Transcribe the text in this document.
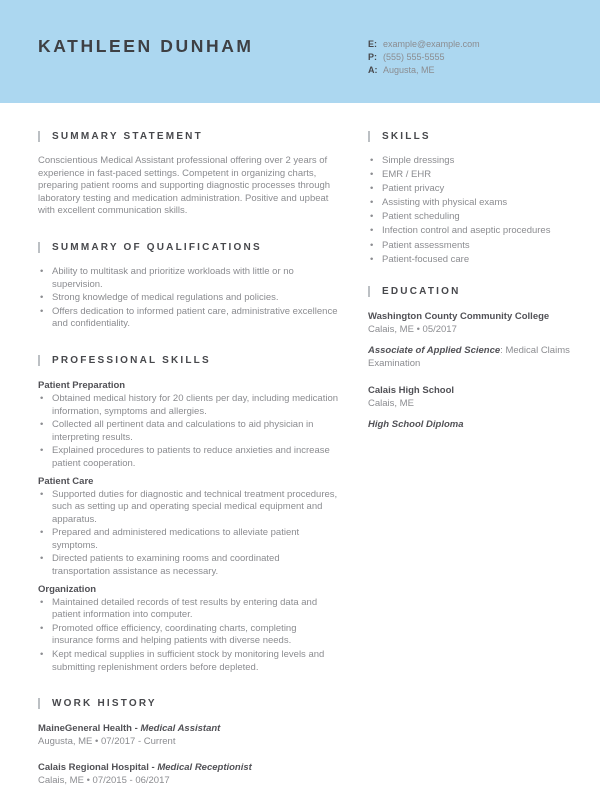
KATHLEEN DUNHAM	E: example@example.com
P: (555) 555-5555
A: Augusta, ME
SUMMARY STATEMENT

Conscientious Medical Assistant professional offering over 2 years of experience in fast-paced settings. Competent in organizing charts, preparing patient rooms and supporting diagnostic processes through laboratory testing and medication administration. Positive and upbeat with excellent communication skills.

SUMMARY OF QUALIFICATIONS
• Ability to multitask and prioritize workloads with little or no supervision.
• Strong knowledge of medical regulations and policies.
• Offers dedication to informed patient care, administrative excellence and confidentiality.
PROFESSIONAL SKILLS
Patient Preparation
• Obtained medical history for 20 clients per day, including medication information, symptoms and allergies.
• Collected all pertinent data and calculations to aid physician in interpreting results.
• Explained procedures to patients to reduce anxieties and increase patient cooperation.
Patient Care
• Supported duties for diagnostic and technical treatment procedures, such as setting up and operating special medical equipment and apparatus.
• Prepared and administered medications to alleviate patient symptoms.
• Directed patients to examining rooms and coordinated transportation assistance as necessary.
Organization
• Maintained detailed records of test results by entering data and patient information into computer.
• Promoted office efficiency, coordinating charts, completing insurance forms and helping patients with diverse needs.
• Kept medical supplies in sufficient stock by monitoring levels and submitting replenishment orders before depleted.
WORK HISTORY
MaineGeneral Health - Medical Assistant
Augusta, ME • 07/2017 - Current
Calais Regional Hospital - Medical Receptionist
Calais, ME • 07/2015 - 06/2017
SKILLS
• Simple dressings
• EMR / EHR
• Patient privacy
• Assisting with physical exams
• Patient scheduling
• Infection control and aseptic procedures
• Patient assessments
• Patient-focused care
EDUCATION
Washington County Community College
Calais, ME • 05/2017
Associate of Applied Science: Medical Claims Examination
Calais High School
Calais, ME
High School Diploma
